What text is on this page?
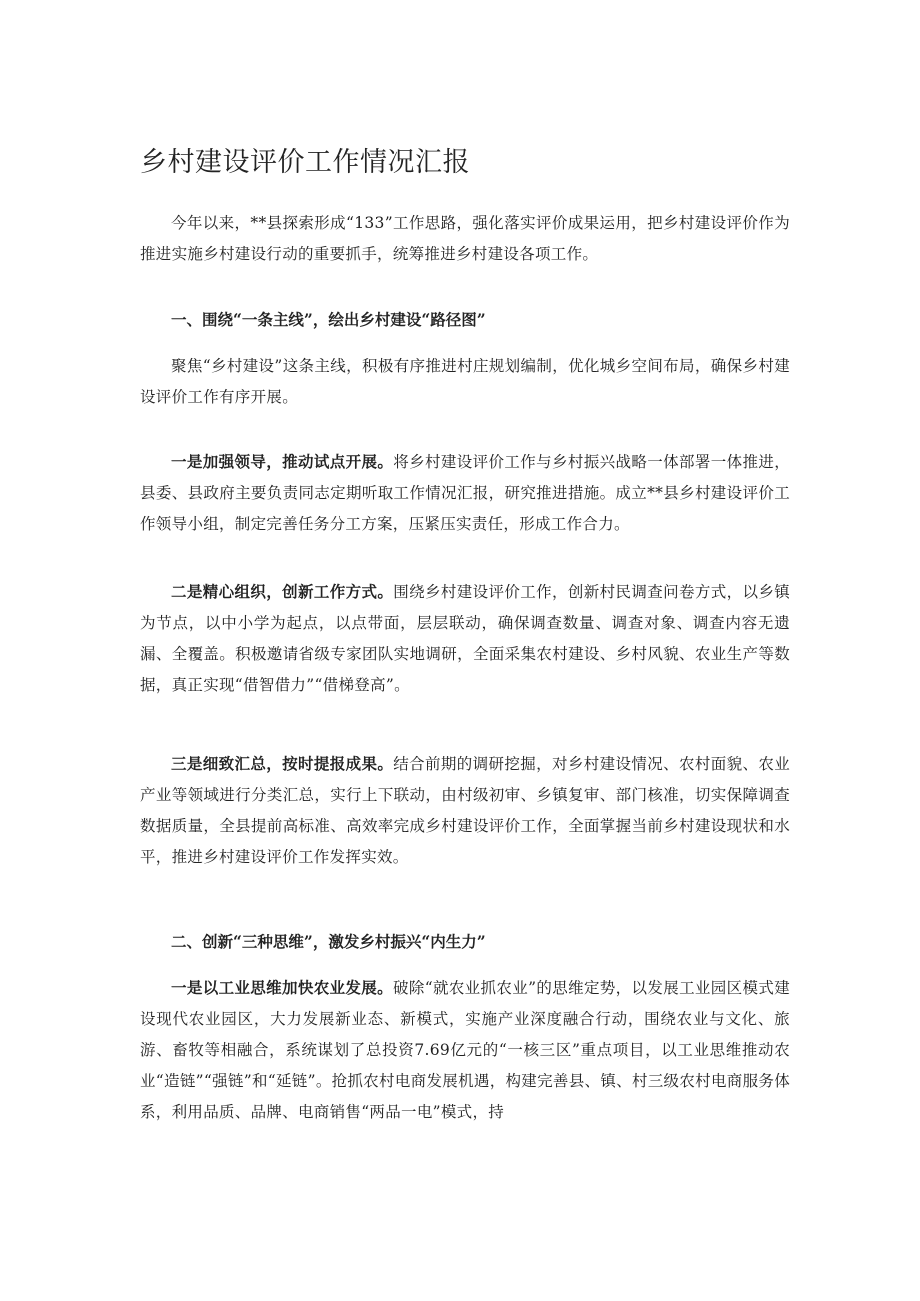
乡村建设评价工作情况汇报

今年以来，**县探索形成“133”工作思路，强化落实评价成果运用，把乡村建设评价作为推进实施乡村建设行动的重要抓手，统筹推进乡村建设各项工作。

一、围绕“一条主线”，绘出乡村建设“路径图”

聚焦“乡村建设”这条主线，积极有序推进村庄规划编制，优化城乡空间布局，确保乡村建设评价工作有序开展。

一是加强领导，推动试点开展。将乡村建设评价工作与乡村振兴战略一体部署一体推进，县委、县政府主要负责同志定期听取工作情况汇报，研究推进措施。成立**县乡村建设评价工作领导小组，制定完善任务分工方案，压紧压实责任，形成工作合力。

二是精心组织，创新工作方式。围绕乡村建设评价工作，创新村民调查问卷方式，以乡镇为节点，以中小学为起点，以点带面，层层联动，确保调查数量、调查对象、调查内容无遗漏、全覆盖。积极邀请省级专家团队实地调研，全面采集农村建设、乡村风貌、农业生产等数据，真正实现“借智借力”“借梯登高”。

三是细致汇总，按时提报成果。结合前期的调研挖掘，对乡村建设情况、农村面貌、农业产业等领域进行分类汇总，实行上下联动，由村级初审、乡镇复审、部门核准，切实保障调查数据质量，全县提前高标准、高效率完成乡村建设评价工作，全面掌握当前乡村建设现状和水平，推进乡村建设评价工作发挥实效。

二、创新“三种思维”，激发乡村振兴“内生力”

一是以工业思维加快农业发展。破除“就农业抓农业”的思维定势，以发展工业园区模式建设现代农业园区，大力发展新业态、新模式，实施产业深度融合行动，围绕农业与文化、旅游、畜牧等相融合，系统谋划了总投资7.69亿元的“一核三区”重点项目，以工业思维推动农业“造链”“强链”和“延链”。抢抓农村电商发展机遇，构建完善县、镇、村三级农村电商服务体系，利用品质、品牌、电商销售“两品一电”模式，持
